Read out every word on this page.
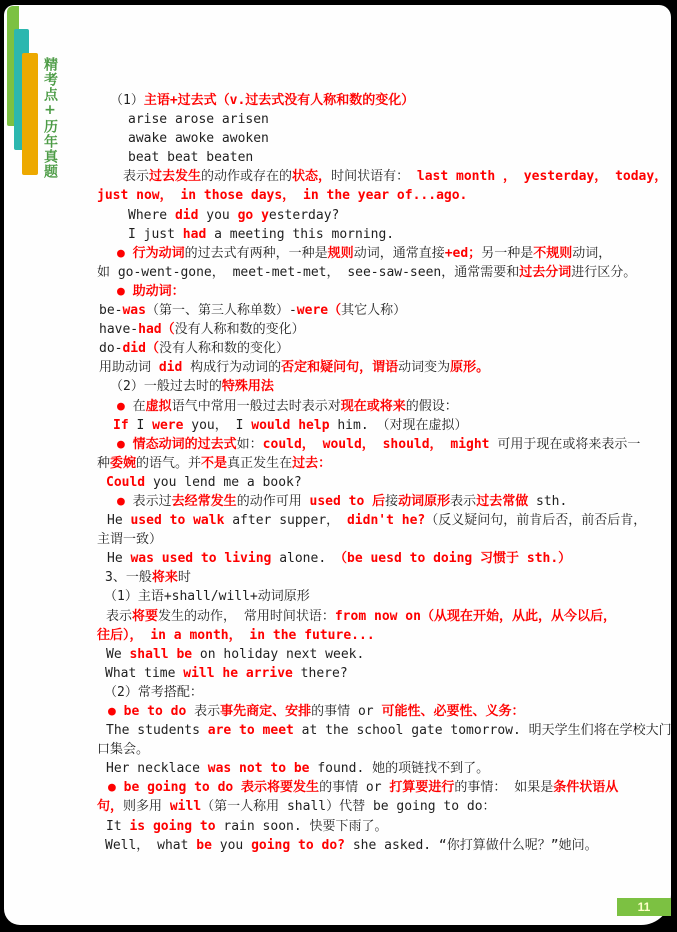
精考点+历年真题	（1）主语+过去式（v.过去式没有人称和数的变化）
arise arose arisen
awake awoke awoken
beat beat beaten
表示过去发生的动作或存在的状态，时间状语有： last month ， yesterday， today，
just now， in those days， in the year of...ago.
Where did you go yesterday?
I just had a meeting this morning.
● 行为动词的过去式有两种，一种是规则动词，通常直接+ed；另一种是不规则动词，
如 go-went-gone， meet-met-met， see-saw-seen，通常需要和过去分词进行区分。
● 助动词：
be-was（第一、第三人称单数）-were（其它人称）
have-had（没有人称和数的变化）
do-did（没有人称和数的变化）
用助动词 did 构成行为动词的否定和疑问句，谓语动词变为原形。
（2）一般过去时的特殊用法
● 在虚拟语气中常用一般过去时表示对现在或将来的假设：
If I were you， I would help him. （对现在虚拟）
● 情态动词的过去式如：could， would， should， might 可用于现在或将来表示一
种委婉的语气。并不是真正发生在过去：
Could you lend me a book?
● 表示过去经常发生的动作可用 used to 后接动词原形表示过去常做 sth.
He used to walk after supper， didn't he?（反义疑问句，前肯后否，前否后肯，
主谓一致）
He was used to living alone. （be uesd to doing 习惯于 sth.）
3、一般将来时
（1）主语+shall/will+动词原形
表示将要发生的动作， 常用时间状语：from now on（从现在开始，从此，从今以后，
往后）， in a month， in the future...
We shall be on holiday next week.
What time will he arrive there?
（2）常考搭配：
● be to do 表示事先商定、安排的事情 or 可能性、必要性、义务：
The students are to meet at the school gate tomorrow. 明天学生们将在学校大门
口集会。
Her necklace was not to be found. 她的项链找不到了。
● be going to do 表示将要发生的事情 or 打算要进行的事情： 如果是条件状语从
句，则多用 will（第一人称用 shall）代替 be going to do：
It is going to rain soon. 快要下雨了。
Well， what be you going to do? she asked. “你打算做什么呢？”她问。
11
